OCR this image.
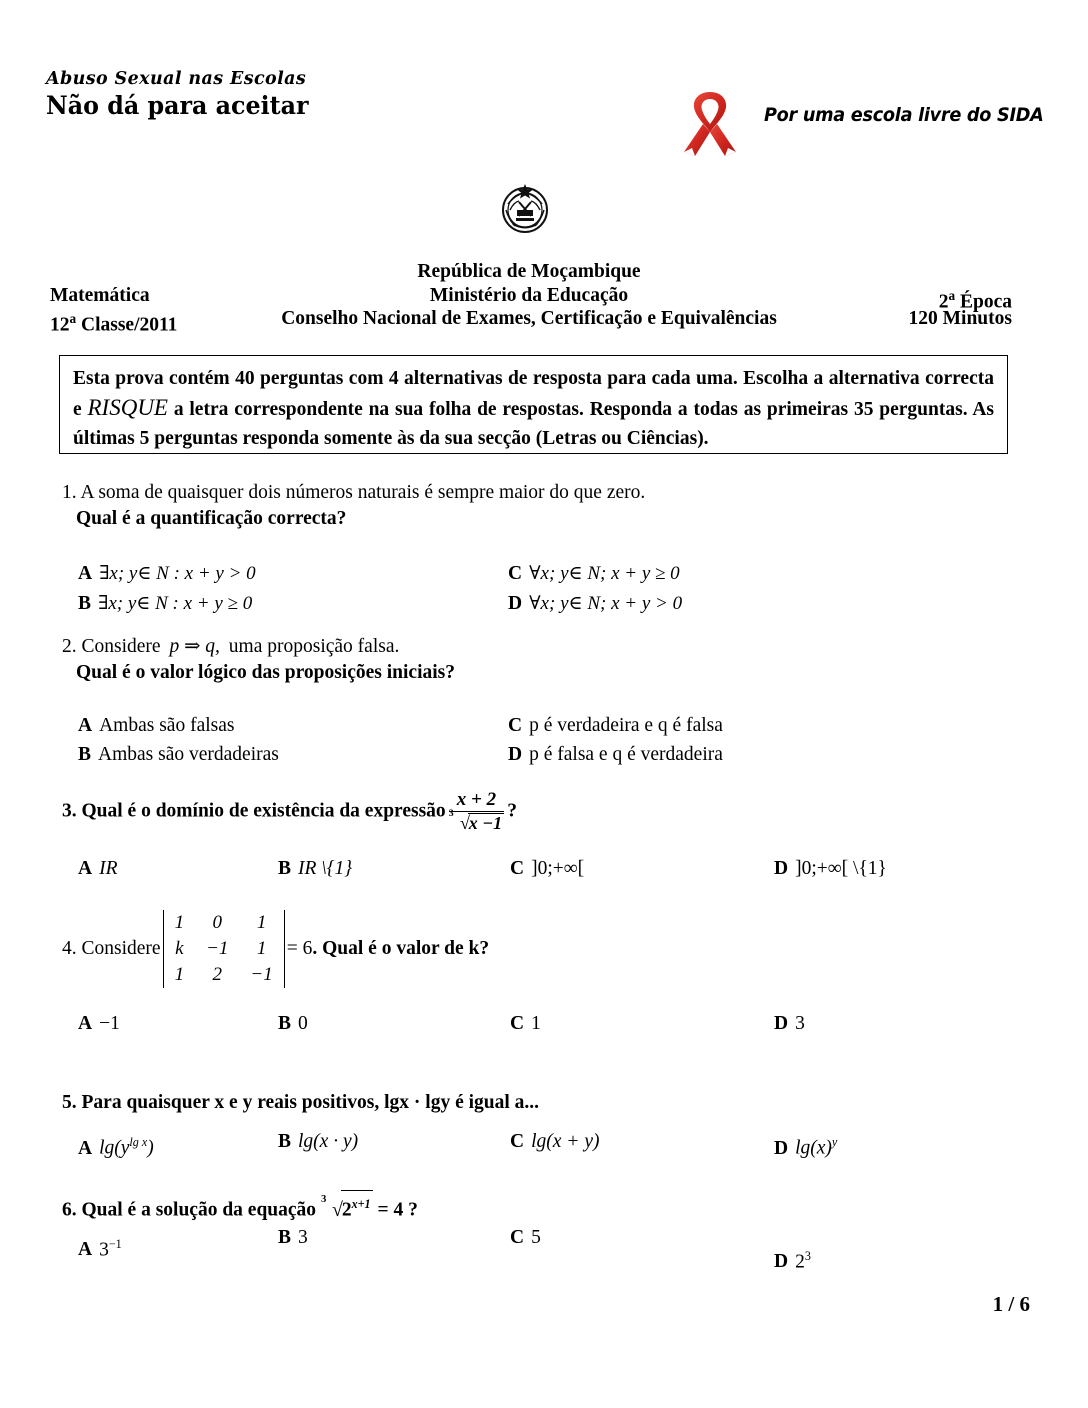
Abuso Sexual nas Escolas
Não dá para aceitar	Por uma escola livre do SIDA
República de Moçambique
Matemática	Ministério da Educação	2$^a$ Época
12$^a$ Classe/2011	Conselho Nacional de Exames, Certificação e Equivalências	120 Minutos
Esta prova contém 40 perguntas com 4 alternativas de resposta para cada uma. Escolha a alternativa correcta e RISQUE a letra correspondente na sua folha de respostas. Responda a todas as primeiras 35 perguntas. As últimas 5 perguntas responda somente às da sua secção (Letras ou Ciências).
1. A soma de quaisquer dois números naturais é sempre maior do que zero.
Qual é a quantificação correcta?
A ∃x; y∈ N : x + y > 0
B ∃x; y∈ N : x + y ≥ 0
C ∀x; y∈ N; x + y ≥ 0
D ∀x; y∈ N; x + y > 0
2. Considere p ⇒ q, uma proposição falsa.
Qual é o valor lógico das proposições iniciais?
A Ambas são falsas
B Ambas são verdadeiras
C p é verdadeira e q é falsa
D p é falsa e q é verdadeira
3. Qual é o domínio de existência da expressão $\frac{x + 2}{3 √x -1}$ ?
A IR	B IR \{1}	C ]0;+∞[	D ]0;+∞[ \{1}
4. Considere1	0	1
k	−1	1
1	2	−1= 6. Qual é o valor de k?
A −1	B 0	C 1	D 3
5. Para quaisquer x e y reais positivos, lgx · lgy é igual a...
A $\lg(y^{lg x})$	B lg(x · y)	C lg(x + y)	D $\lg(x)^y$
6. Qual é a solução da equação
3 $√2^{x+1} = 4$ ?
A $3^{-1}$	B 3	C 5
D $2^3$
1 / 6
